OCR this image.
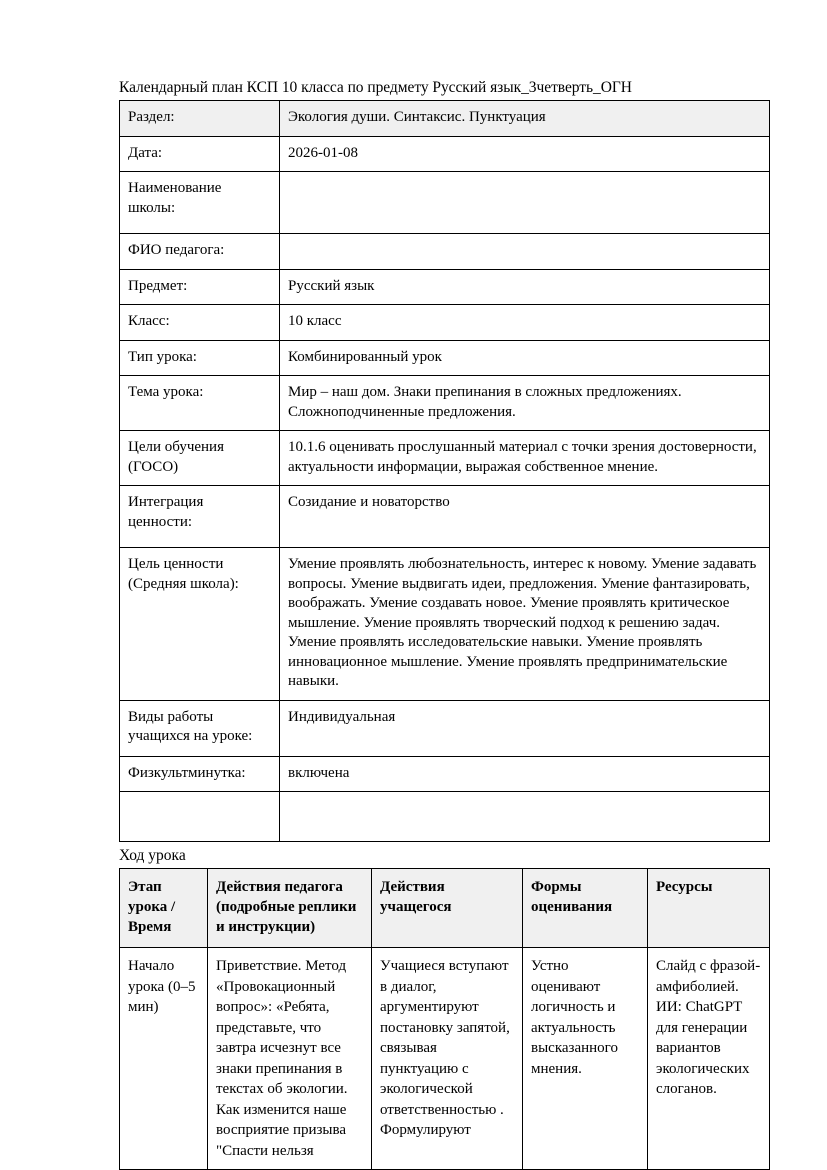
Календарный план КСП 10 класса по предмету Русский язык_3четверть_ОГН
Раздел:	Экология души. Синтаксис. Пунктуация
Дата:	2026-01-08
Наименование школы:	
ФИО педагога:	
Предмет:	Русский язык
Класс:	10 класс
Тип урока:	Комбинированный урок
Тема урока:	Мир – наш дом. Знаки препинания в сложных предложениях. Сложноподчиненные предложения.
Цели обучения (ГОСО)	10.1.6 оценивать прослушанный материал с точки зрения достоверности, актуальности информации, выражая собственное мнение.
Интеграция ценности:	Созидание и новаторство
Цель ценности (Средняя школа):	Умение проявлять любознательность, интерес к новому. Умение задавать вопросы. Умение выдвигать идеи, предложения. Умение фантазировать, воображать. Умение создавать новое. Умение проявлять критическое мышление. Умение проявлять творческий подход к решению задач. Умение проявлять исследовательские навыки. Умение проявлять инновационное мышление. Умение проявлять предпринимательские навыки.
Виды работы учащихся на уроке:	Индивидуальная
Физкультминутка:	включена

Ход урока
Этап урока / Время	Действия педагога (подробные реплики и инструкции)	Действия учащегося	Формы оценивания	Ресурсы
Начало урока (0–5 мин)	Приветствие. Метод «Провокационный вопрос»: «Ребята, представьте, что завтра исчезнут все знаки препинания в текстах об экологии. Как изменится наше восприятие призыва "Спасти нельзя	Учащиеся вступают в диалог, аргументируют постановку запятой, связывая пунктуацию с экологической ответственностью . Формулируют	Устно оценивают логичность и актуальность высказанного мнения.	Слайд с фразой-амфиболией. ИИ: ChatGPT для генерации вариантов экологических слоганов.
